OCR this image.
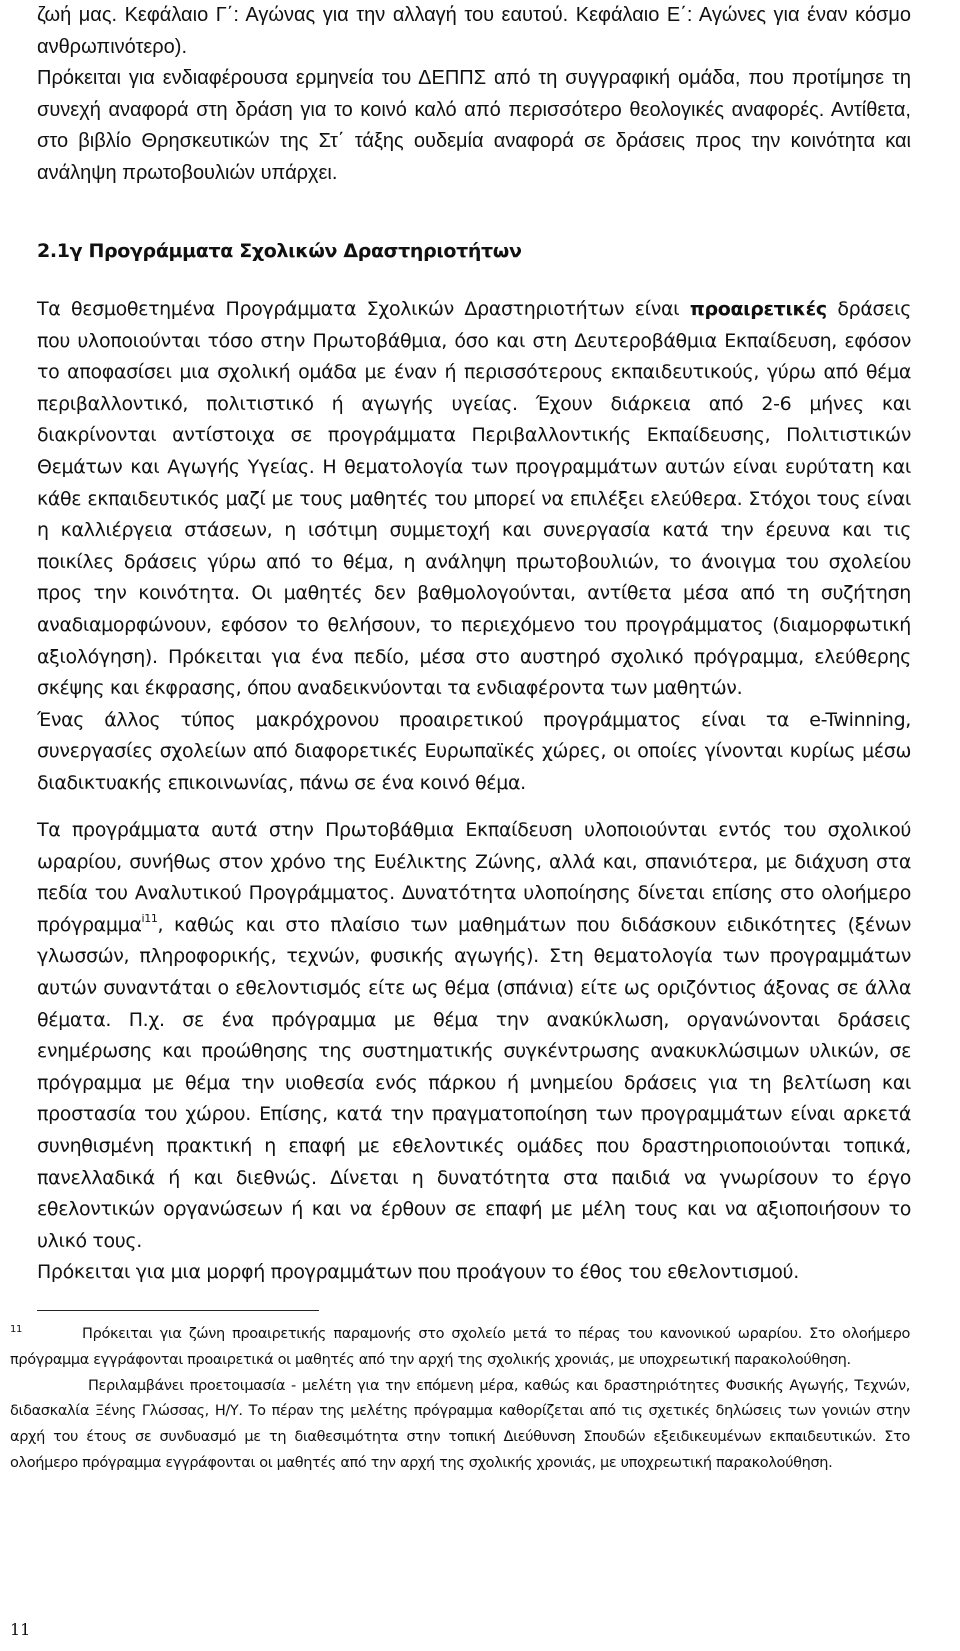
ζωή μας. Κεφάλαιο Γ΄: Αγώνας για την αλλαγή του εαυτού. Κεφάλαιο Ε΄: Αγώνες για έναν κόσμο ανθρωπινότερο).

Πρόκειται για ενδιαφέρουσα ερμηνεία του ΔΕΠΠΣ από τη συγγραφική ομάδα, που προτίμησε τη συνεχή αναφορά στη δράση για το κοινό καλό από περισσότερο θεολογικές αναφορές. Αντίθετα, στο βιβλίο Θρησκευτικών της Στ΄ τάξης ουδεμία αναφορά σε δράσεις προς την κοινότητα και ανάληψη πρωτοβουλιών υπάρχει.

2.1γ Προγράμματα Σχολικών Δραστηριοτήτων

Τα θεσμοθετημένα Προγράμματα Σχολικών Δραστηριοτήτων είναι προαιρετικές δράσεις που υλοποιούνται τόσο στην Πρωτοβάθμια, όσο και στη Δευτεροβάθμια Εκπαίδευση, εφόσον το αποφασίσει μια σχολική ομάδα με έναν ή περισσότερους εκπαιδευτικούς, γύρω από θέμα περιβαλλοντικό, πολιτιστικό ή αγωγής υγείας. Έχουν διάρκεια από 2-6 μήνες και διακρίνονται αντίστοιχα σε προγράμματα Περιβαλλοντικής Εκπαίδευσης, Πολιτιστικών Θεμάτων και Αγωγής Υγείας. Η θεματολογία των προγραμμάτων αυτών είναι ευρύτατη και κάθε εκπαιδευτικός μαζί με τους μαθητές του μπορεί να επιλέξει ελεύθερα. Στόχοι τους είναι η καλλιέργεια στάσεων, η ισότιμη συμμετοχή και συνεργασία κατά την έρευνα και τις ποικίλες δράσεις γύρω από το θέμα, η ανάληψη πρωτοβουλιών, το άνοιγμα του σχολείου προς την κοινότητα. Οι μαθητές δεν βαθμολογούνται, αντίθετα μέσα από τη συζήτηση αναδιαμορφώνουν, εφόσον το θελήσουν, το περιεχόμενο του προγράμματος (διαμορφωτική αξιολόγηση). Πρόκειται για ένα πεδίο, μέσα στο αυστηρό σχολικό πρόγραμμα, ελεύθερης σκέψης και έκφρασης, όπου αναδεικνύονται τα ενδιαφέροντα των μαθητών.

Ένας άλλος τύπος μακρόχρονου προαιρετικού προγράμματος είναι τα e-Twinning, συνεργασίες σχολείων από διαφορετικές Ευρωπαϊκές χώρες, οι οποίες γίνονται κυρίως μέσω διαδικτυακής επικοινωνίας, πάνω σε ένα κοινό θέμα.

Τα προγράμματα αυτά στην Πρωτοβάθμια Εκπαίδευση υλοποιούνται εντός του σχολικού ωραρίου, συνήθως στον χρόνο της Ευέλικτης Ζώνης, αλλά και, σπανιότερα, με διάχυση στα πεδία του Αναλυτικού Προγράμματος. Δυνατότητα υλοποίησης δίνεται επίσης στο ολοήμερο πρόγραμμα$^{i11}$, καθώς και στο πλαίσιο των μαθημάτων που διδάσκουν ειδικότητες (ξένων γλωσσών, πληροφορικής, τεχνών, φυσικής αγωγής). Στη θεματολογία των προγραμμάτων αυτών συναντάται ο εθελοντισμός είτε ως θέμα (σπάνια) είτε ως οριζόντιος άξονας σε άλλα θέματα. Π.χ. σε ένα πρόγραμμα με θέμα την ανακύκλωση, οργανώνονται δράσεις ενημέρωσης και προώθησης της συστηματικής συγκέντρωσης ανακυκλώσιμων υλικών, σε πρόγραμμα με θέμα την υιοθεσία ενός πάρκου ή μνημείου δράσεις για τη βελτίωση και προστασία του χώρου. Επίσης, κατά την πραγματοποίηση των προγραμμάτων είναι αρκετά συνηθισμένη πρακτική η επαφή με εθελοντικές ομάδες που δραστηριοποιούνται τοπικά, πανελλαδικά ή και διεθνώς. Δίνεται η δυνατότητα στα παιδιά να γνωρίσουν το έργο εθελοντικών οργανώσεων ή και να έρθουν σε επαφή με μέλη τους και να αξιοποιήσουν το υλικό τους.

Πρόκειται για μια μορφή προγραμμάτων που προάγουν το έθος του εθελοντισμού.

$^{11}$	Πρόκειται για ζώνη προαιρετικής παραμονής στο σχολείο μετά το πέρας του κανονικού ωραρίου. Στο ολοήμερο πρόγραμμα εγγράφονται προαιρετικά οι μαθητές από την αρχή της σχολικής χρονιάς, με υποχρεωτική παρακολούθηση.

Περιλαμβάνει προετοιμασία - μελέτη για την επόμενη μέρα, καθώς και δραστηριότητες Φυσικής Αγωγής, Τεχνών, διδασκαλία Ξένης Γλώσσας, Η/Υ. Το πέραν της μελέτης πρόγραμμα καθορίζεται από τις σχετικές δηλώσεις των γονιών στην αρχή του έτους σε συνδυασμό με τη διαθεσιμότητα στην τοπική Διεύθυνση Σπουδών εξειδικευμένων εκπαιδευτικών. Στο ολοήμερο πρόγραμμα εγγράφονται οι μαθητές από την αρχή της σχολικής χρονιάς, με υποχρεωτική παρακολούθηση.

11
